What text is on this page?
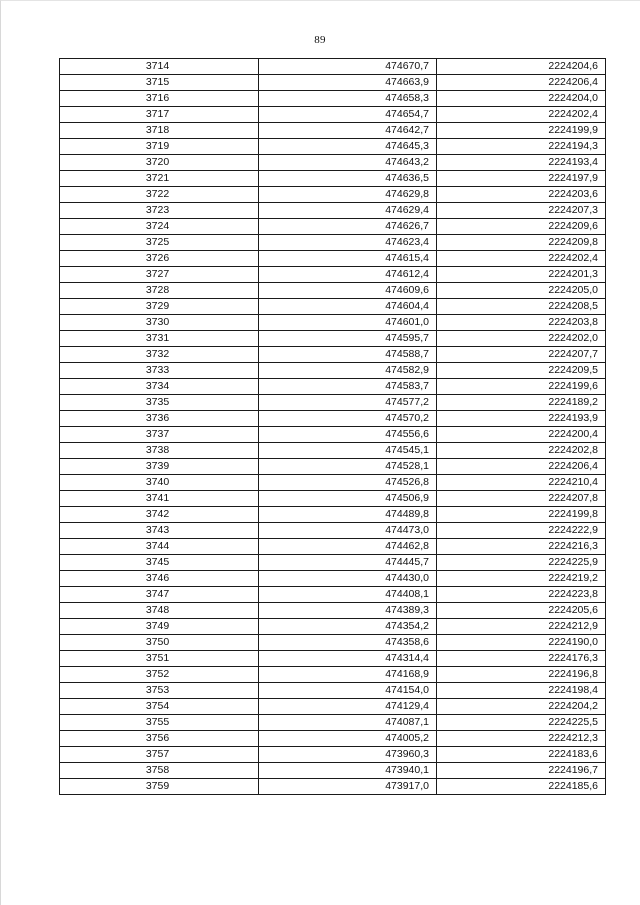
89
3714	474670,7	2224204,6
3715	474663,9	2224206,4
3716	474658,3	2224204,0
3717	474654,7	2224202,4
3718	474642,7	2224199,9
3719	474645,3	2224194,3
3720	474643,2	2224193,4
3721	474636,5	2224197,9
3722	474629,8	2224203,6
3723	474629,4	2224207,3
3724	474626,7	2224209,6
3725	474623,4	2224209,8
3726	474615,4	2224202,4
3727	474612,4	2224201,3
3728	474609,6	2224205,0
3729	474604,4	2224208,5
3730	474601,0	2224203,8
3731	474595,7	2224202,0
3732	474588,7	2224207,7
3733	474582,9	2224209,5
3734	474583,7	2224199,6
3735	474577,2	2224189,2
3736	474570,2	2224193,9
3737	474556,6	2224200,4
3738	474545,1	2224202,8
3739	474528,1	2224206,4
3740	474526,8	2224210,4
3741	474506,9	2224207,8
3742	474489,8	2224199,8
3743	474473,0	2224222,9
3744	474462,8	2224216,3
3745	474445,7	2224225,9
3746	474430,0	2224219,2
3747	474408,1	2224223,8
3748	474389,3	2224205,6
3749	474354,2	2224212,9
3750	474358,6	2224190,0
3751	474314,4	2224176,3
3752	474168,9	2224196,8
3753	474154,0	2224198,4
3754	474129,4	2224204,2
3755	474087,1	2224225,5
3756	474005,2	2224212,3
3757	473960,3	2224183,6
3758	473940,1	2224196,7
3759	473917,0	2224185,6
